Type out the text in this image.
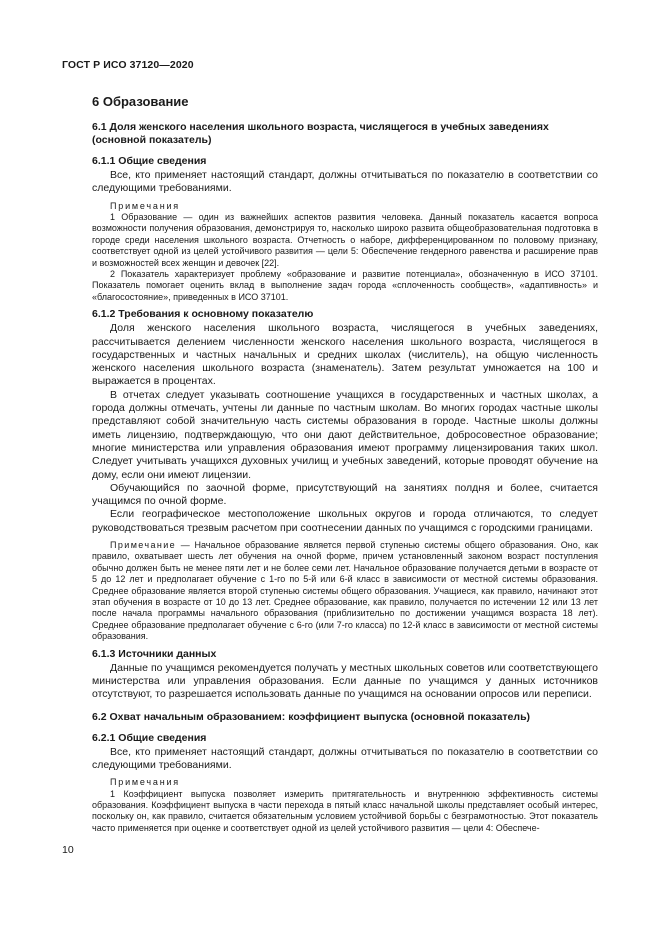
ГОСТ Р ИСО 37120—2020
6 Образование
6.1 Доля женского населения школьного возраста, числящегося в учебных заведениях (основной показатель)
6.1.1 Общие сведения

Все, кто применяет настоящий стандарт, должны отчитываться по показателю в соответствии со следующими требованиями.

Примечания

1 Образование — один из важнейших аспектов развития человека. Данный показатель касается вопроса возможности получения образования, демонстрируя то, насколько широко развита общеобразовательная подготовка в городе среди населения школьного возраста. Отчетность о наборе, дифференцированном по половому признаку, соответствует одной из целей устойчивого развития — цели 5: Обеспечение гендерного равенства и расширение прав и возможностей всех женщин и девочек [22].

2 Показатель характеризует проблему «образование и развитие потенциала», обозначенную в ИСО 37101. Показатель помогает оценить вклад в выполнение задач города «сплоченность сообществ», «адаптивность» и «благосостояние», приведенных в ИСО 37101.

6.1.2 Требования к основному показателю

Доля женского населения школьного возраста, числящегося в учебных заведениях, рассчитывается делением численности женского населения школьного возраста, числящегося в государственных и частных начальных и средних школах (числитель), на общую численность женского населения школьного возраста (знаменатель). Затем результат умножается на 100 и выражается в процентах.

В отчетах следует указывать соотношение учащихся в государственных и частных школах, а города должны отмечать, учтены ли данные по частным школам. Во многих городах частные школы представляют собой значительную часть системы образования в городе. Частные школы должны иметь лицензию, подтверждающую, что они дают действительное, добросовестное образование; многие министерства или управления образования имеют программу лицензирования таких школ. Следует учитывать учащихся духовных училищ и учебных заведений, которые проводят обучение на дому, если они имеют лицензии.

Обучающийся по заочной форме, присутствующий на занятиях полдня и более, считается учащимся по очной форме.

Если географическое местоположение школьных округов и города отличаются, то следует руководствоваться трезвым расчетом при соотнесении данных по учащимся с городскими границами.

Примечание — Начальное образование является первой ступенью системы общего образования. Оно, как правило, охватывает шесть лет обучения на очной форме, причем установленный законом возраст поступления обычно должен быть не менее пяти лет и не более семи лет. Начальное образование получается детьми в возрасте от 5 до 12 лет и предполагает обучение с 1-го по 5-й или 6-й класс в зависимости от местной системы образования. Среднее образование является второй ступенью системы общего образования. Учащиеся, как правило, начинают этот этап обучения в возрасте от 10 до 13 лет. Среднее образование, как правило, получается по истечении 12 или 13 лет после начала программы начального образования (приблизительно по достижении учащимся возраста 18 лет). Среднее образование предполагает обучение с 6-го (или 7-го класса) по 12-й класс в зависимости от местной системы образования.

6.1.3 Источники данных

Данные по учащимся рекомендуется получать у местных школьных советов или соответствующего министерства или управления образования. Если данные по учащимся у данных источников отсутствуют, то разрешается использовать данные по учащимся на основании опросов или переписи.

6.2 Охват начальным образованием: коэффициент выпуска (основной показатель)
6.2.1 Общие сведения

Все, кто применяет настоящий стандарт, должны отчитываться по показателю в соответствии со следующими требованиями.

Примечания

1 Коэффициент выпуска позволяет измерить притягательность и внутреннюю эффективность системы образования. Коэффициент выпуска в части перехода в пятый класс начальной школы представляет особый интерес, поскольку он, как правило, считается обязательным условием устойчивой борьбы с безграмотностью. Этот показатель часто применяется при оценке и соответствует одной из целей устойчивого развития — цели 4: Обеспече-

10
